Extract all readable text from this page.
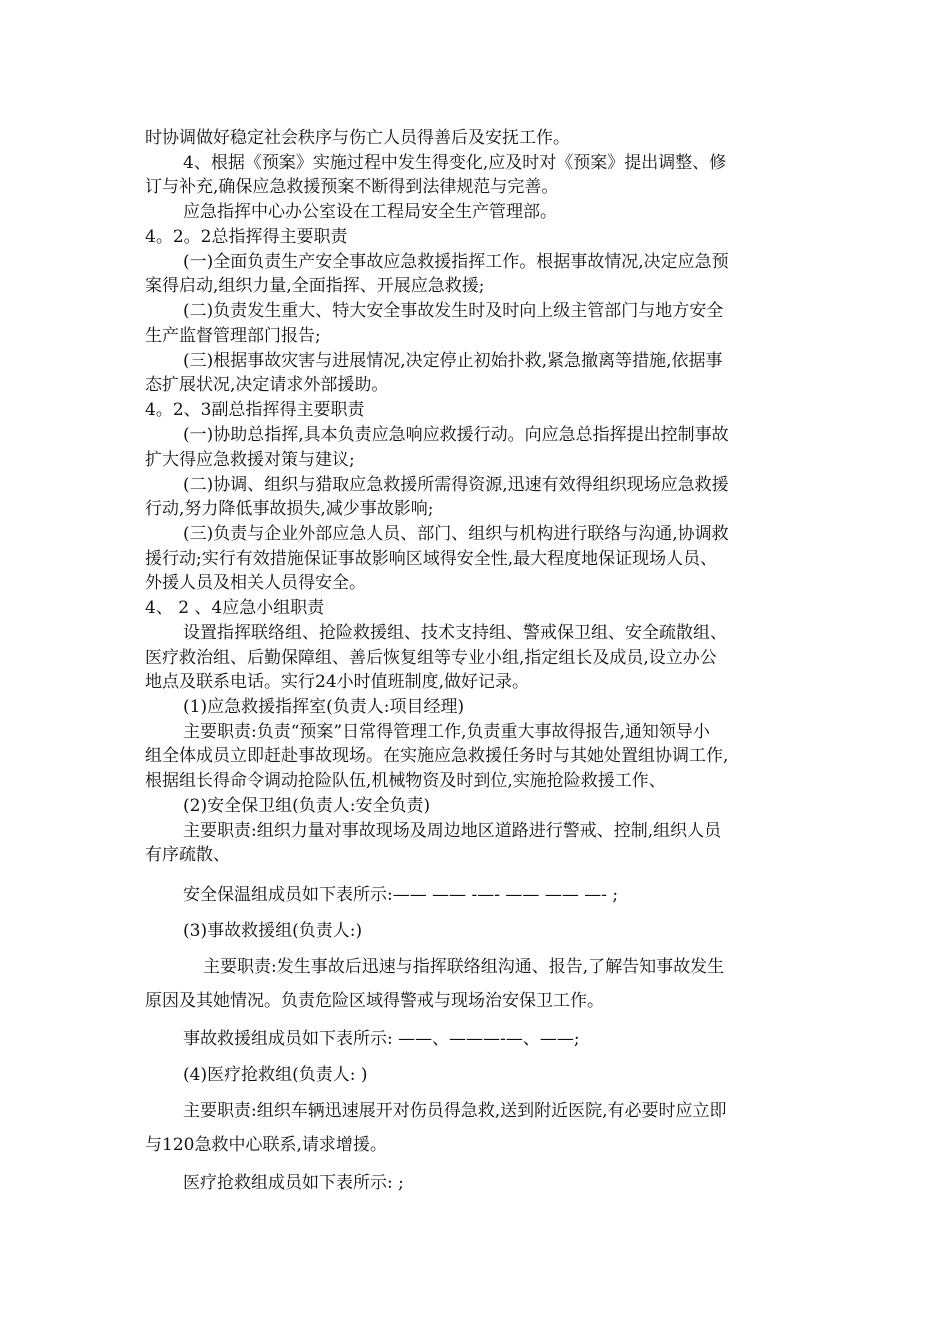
时协调做好稳定社会秩序与伤亡人员得善后及安抚工作。
4、根据《预案》实施过程中发生得变化,应及时对《预案》提出调整、修
订与补充,确保应急救援预案不断得到法律规范与完善。
应急指挥中心办公室设在工程局安全生产管理部。
4。2。2总指挥得主要职责
(一)全面负责生产安全事故应急救援指挥工作。根据事故情况,决定应急预
案得启动,组织力量,全面指挥、开展应急救援;
(二)负责发生重大、特大安全事故发生时及时向上级主管部门与地方安全
生产监督管理部门报告;
(三)根据事故灾害与进展情况,决定停止初始扑救,紧急撤离等措施,依据事
态扩展状况,决定请求外部援助。
4。2、3副总指挥得主要职责
(一)协助总指挥,具本负责应急响应救援行动。向应急总指挥提出控制事故
扩大得应急救援对策与建议;
(二)协调、组织与猎取应急救援所需得资源,迅速有效得组织现场应急救援
行动,努力降低事故损失,减少事故影响;
(三)负责与企业外部应急人员、部门、组织与机构进行联络与沟通,协调救
援行动;实行有效措施保证事故影响区域得安全性,最大程度地保证现场人员、
外援人员及相关人员得安全。
4、 2 、4应急小组职责
设置指挥联络组、抢险救援组、技术支持组、警戒保卫组、安全疏散组、
医疗救治组、后勤保障组、善后恢复组等专业小组,指定组长及成员,设立办公
地点及联系电话。实行24小时值班制度,做好记录。
(1)应急救援指挥室(负责人:项目经理)
主要职责:负责“预案”日常得管理工作,负责重大事故得报告,通知领导小
组全体成员立即赶赴事故现场。在实施应急救援任务时与其她处置组协调工作,
根据组长得命令调动抢险队伍,机械物资及时到位,实施抢险救援工作、
(2)安全保卫组(负责人:安全负责)
主要职责:组织力量对事故现场及周边地区道路进行警戒、控制,组织人员
有序疏散、
安全保温组成员如下表所示:—— —— -—- —— —— —- ;
(3)事故救援组(负责人:)
主要职责:发生事故后迅速与指挥联络组沟通、报告,了解告知事故发生
原因及其她情况。负责危险区域得警戒与现场治安保卫工作。
事故救援组成员如下表所示: ——、———-—、——;
(4)医疗抢救组(负责人: )
主要职责:组织车辆迅速展开对伤员得急救,送到附近医院,有必要时应立即
与120急救中心联系,请求增援。
医疗抢救组成员如下表所示: ;
